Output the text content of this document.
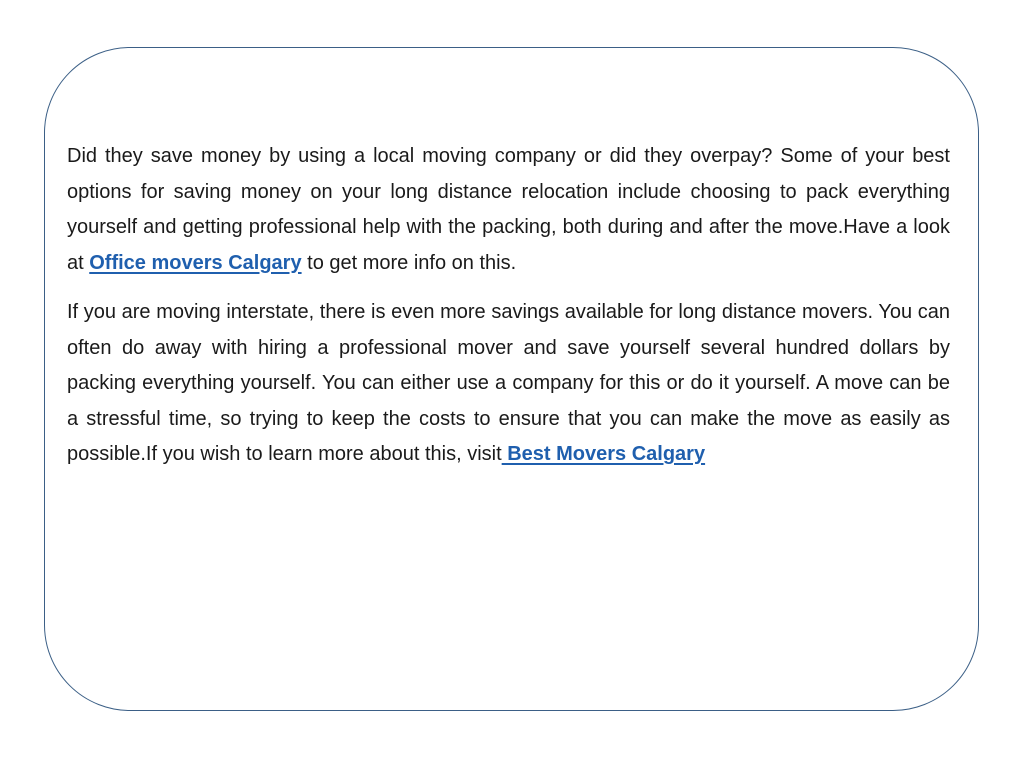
Did they save money by using a local moving company or did they overpay? Some of your best options for saving money on your long distance relocation include choosing to pack everything yourself and getting professional help with the packing, both during and after the move.Have a look at Office movers Calgary to get more info on this.

If you are moving interstate, there is even more savings available for long distance movers. You can often do away with hiring a professional mover and save yourself several hundred dollars by packing everything yourself. You can either use a company for this or do it yourself. A move can be a stressful time, so trying to keep the costs to ensure that you can make the move as easily as possible.If you wish to learn more about this, visit Best Movers Calgary
